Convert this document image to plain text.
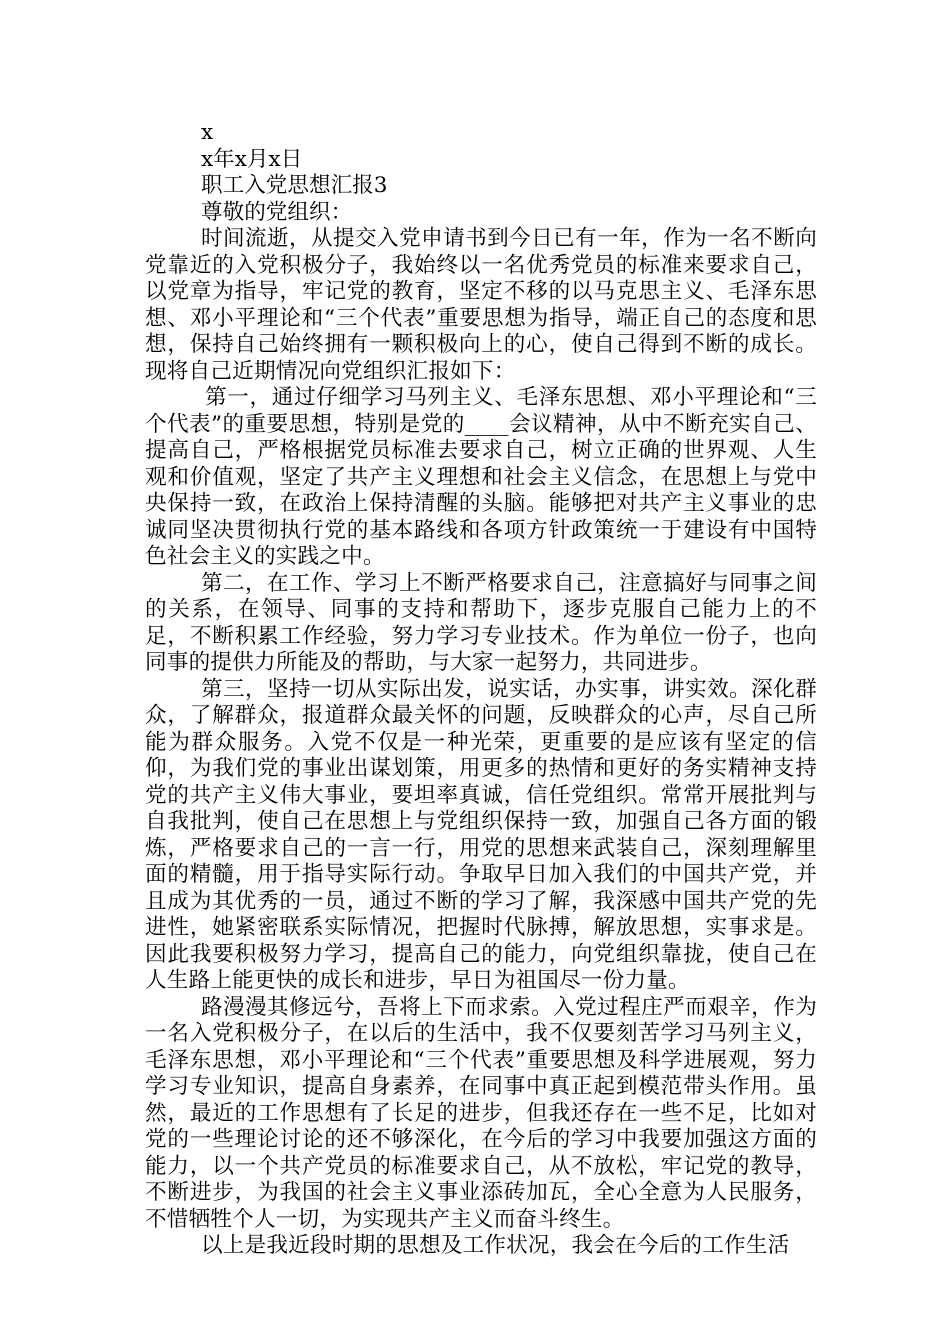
x

x年x月x日

职工入党思想汇报3

尊敬的党组织：

时间流逝，从提交入党申请书到今日已有一年，作为一名不断向党靠近的入党积极分子，我始终以一名优秀党员的标准来要求自己，以党章为指导，牢记党的教育，坚定不移的以马克思主义、毛泽东思想、邓小平理论和“三个代表”重要思想为指导，端正自己的态度和思想，保持自己始终拥有一颗积极向上的心，使自己得到不断的成长。现将自己近期情况向党组织汇报如下：

第一，通过仔细学习马列主义、毛泽东思想、邓小平理论和“三个代表”的重要思想，特别是党的____会议精神，从中不断充实自己、提高自己，严格根据党员标准去要求自己，树立正确的世界观、人生观和价值观，坚定了共产主义理想和社会主义信念，在思想上与党中央保持一致，在政治上保持清醒的头脑。能够把对共产主义事业的忠诚同坚决贯彻执行党的基本路线和各项方针政策统一于建设有中国特色社会主义的实践之中。

第二，在工作、学习上不断严格要求自己，注意搞好与同事之间的关系，在领导、同事的支持和帮助下，逐步克服自己能力上的不足，不断积累工作经验，努力学习专业技术。作为单位一份子，也向同事的提供力所能及的帮助，与大家一起努力，共同进步。

第三，坚持一切从实际出发，说实话，办实事，讲实效。深化群众，了解群众，报道群众最关怀的问题，反映群众的心声，尽自己所能为群众服务。入党不仅是一种光荣，更重要的是应该有坚定的信仰，为我们党的事业出谋划策，用更多的热情和更好的务实精神支持党的共产主义伟大事业，要坦率真诚，信任党组织。常常开展批判与自我批判，使自己在思想上与党组织保持一致，加强自己各方面的锻炼，严格要求自己的一言一行，用党的思想来武装自己，深刻理解里面的精髓，用于指导实际行动。争取早日加入我们的中国共产党，并且成为其优秀的一员，通过不断的学习了解，我深感中国共产党的先进性，她紧密联系实际情况，把握时代脉搏，解放思想，实事求是。因此我要积极努力学习，提高自己的能力，向党组织靠拢，使自己在人生路上能更快的成长和进步，早日为祖国尽一份力量。

路漫漫其修远兮，吾将上下而求索。入党过程庄严而艰辛，作为一名入党积极分子，在以后的生活中，我不仅要刻苦学习马列主义，毛泽东思想，邓小平理论和“三个代表”重要思想及科学进展观，努力学习专业知识，提高自身素养，在同事中真正起到模范带头作用。虽然，最近的工作思想有了长足的进步，但我还存在一些不足，比如对党的一些理论讨论的还不够深化，在今后的学习中我要加强这方面的能力，以一个共产党员的标准要求自己，从不放松，牢记党的教导，不断进步，为我国的社会主义事业添砖加瓦，全心全意为人民服务，不惜牺牲个人一切，为实现共产主义而奋斗终生。

以上是我近段时期的思想及工作状况，我会在今后的工作生活
